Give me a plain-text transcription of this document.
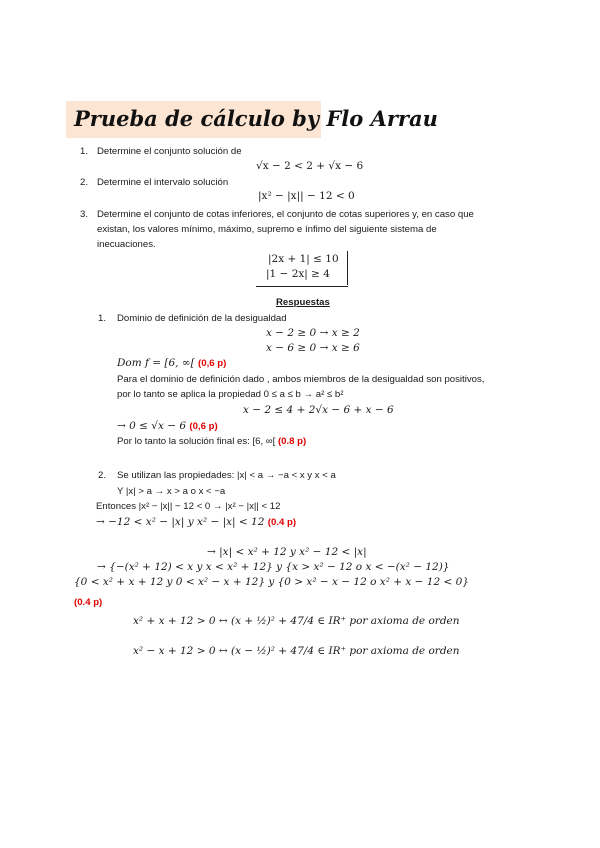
Prueba de cálculo by Flo Arrau
1. Determine el conjunto solución de
√x − 2 < 2 + √x − 6
2. Determine el intervalo solución
|x² − |x|| − 12 < 0
3. Determine el conjunto de cotas inferiores, el conjunto de cotas superiores y, en caso que
existan, los valores mínimo, máximo, supremo e ínfimo del siguiente sistema de
inecuaciones.
|2x + 1| ≤ 10
|1 − 2x| ≥ 4
Respuestas
1. Dominio de definición de la desigualdad
x − 2 ≥ 0 → x ≥ 2
x − 6 ≥ 0 → x ≥ 6
Dom f = [6, ∞[ (0,6 p)
Para el dominio de definición dado , ambos miembros de la desigualdad son positivos,
por lo tanto se aplica la propiedad 0 ≤ a ≤ b → a² ≤ b²
x − 2 ≤ 4 + 2√x − 6 + x − 6
→ 0 ≤ √x − 6 (0,6 p)
Por lo tanto la solución final es: [6, ∞[ (0.8 p)
2. Se utilizan las propiedades: |x| < a → −a < x y x < a
Y |x| > a → x > a o x < −a
Entonces |x² − |x|| − 12 < 0 → |x² − |x|| < 12
→ −12 < x² − |x| y x² − |x| < 12 (0.4 p)
→ |x| < x² + 12 y x² − 12 < |x|
→ {−(x² + 12) < x y x < x² + 12} y {x > x² − 12 o x < −(x² − 12)}
{0 < x² + x + 12 y 0 < x² − x + 12} y {0 > x² − x − 12 o x² + x − 12 < 0}
(0.4 p)
x² + x + 12 > 0 ↔ (x + ½)² + 47/4 ∈ IR⁺ por axioma de orden
x² − x + 12 > 0 ↔ (x − ½)² + 47/4 ∈ IR⁺ por axioma de orden
